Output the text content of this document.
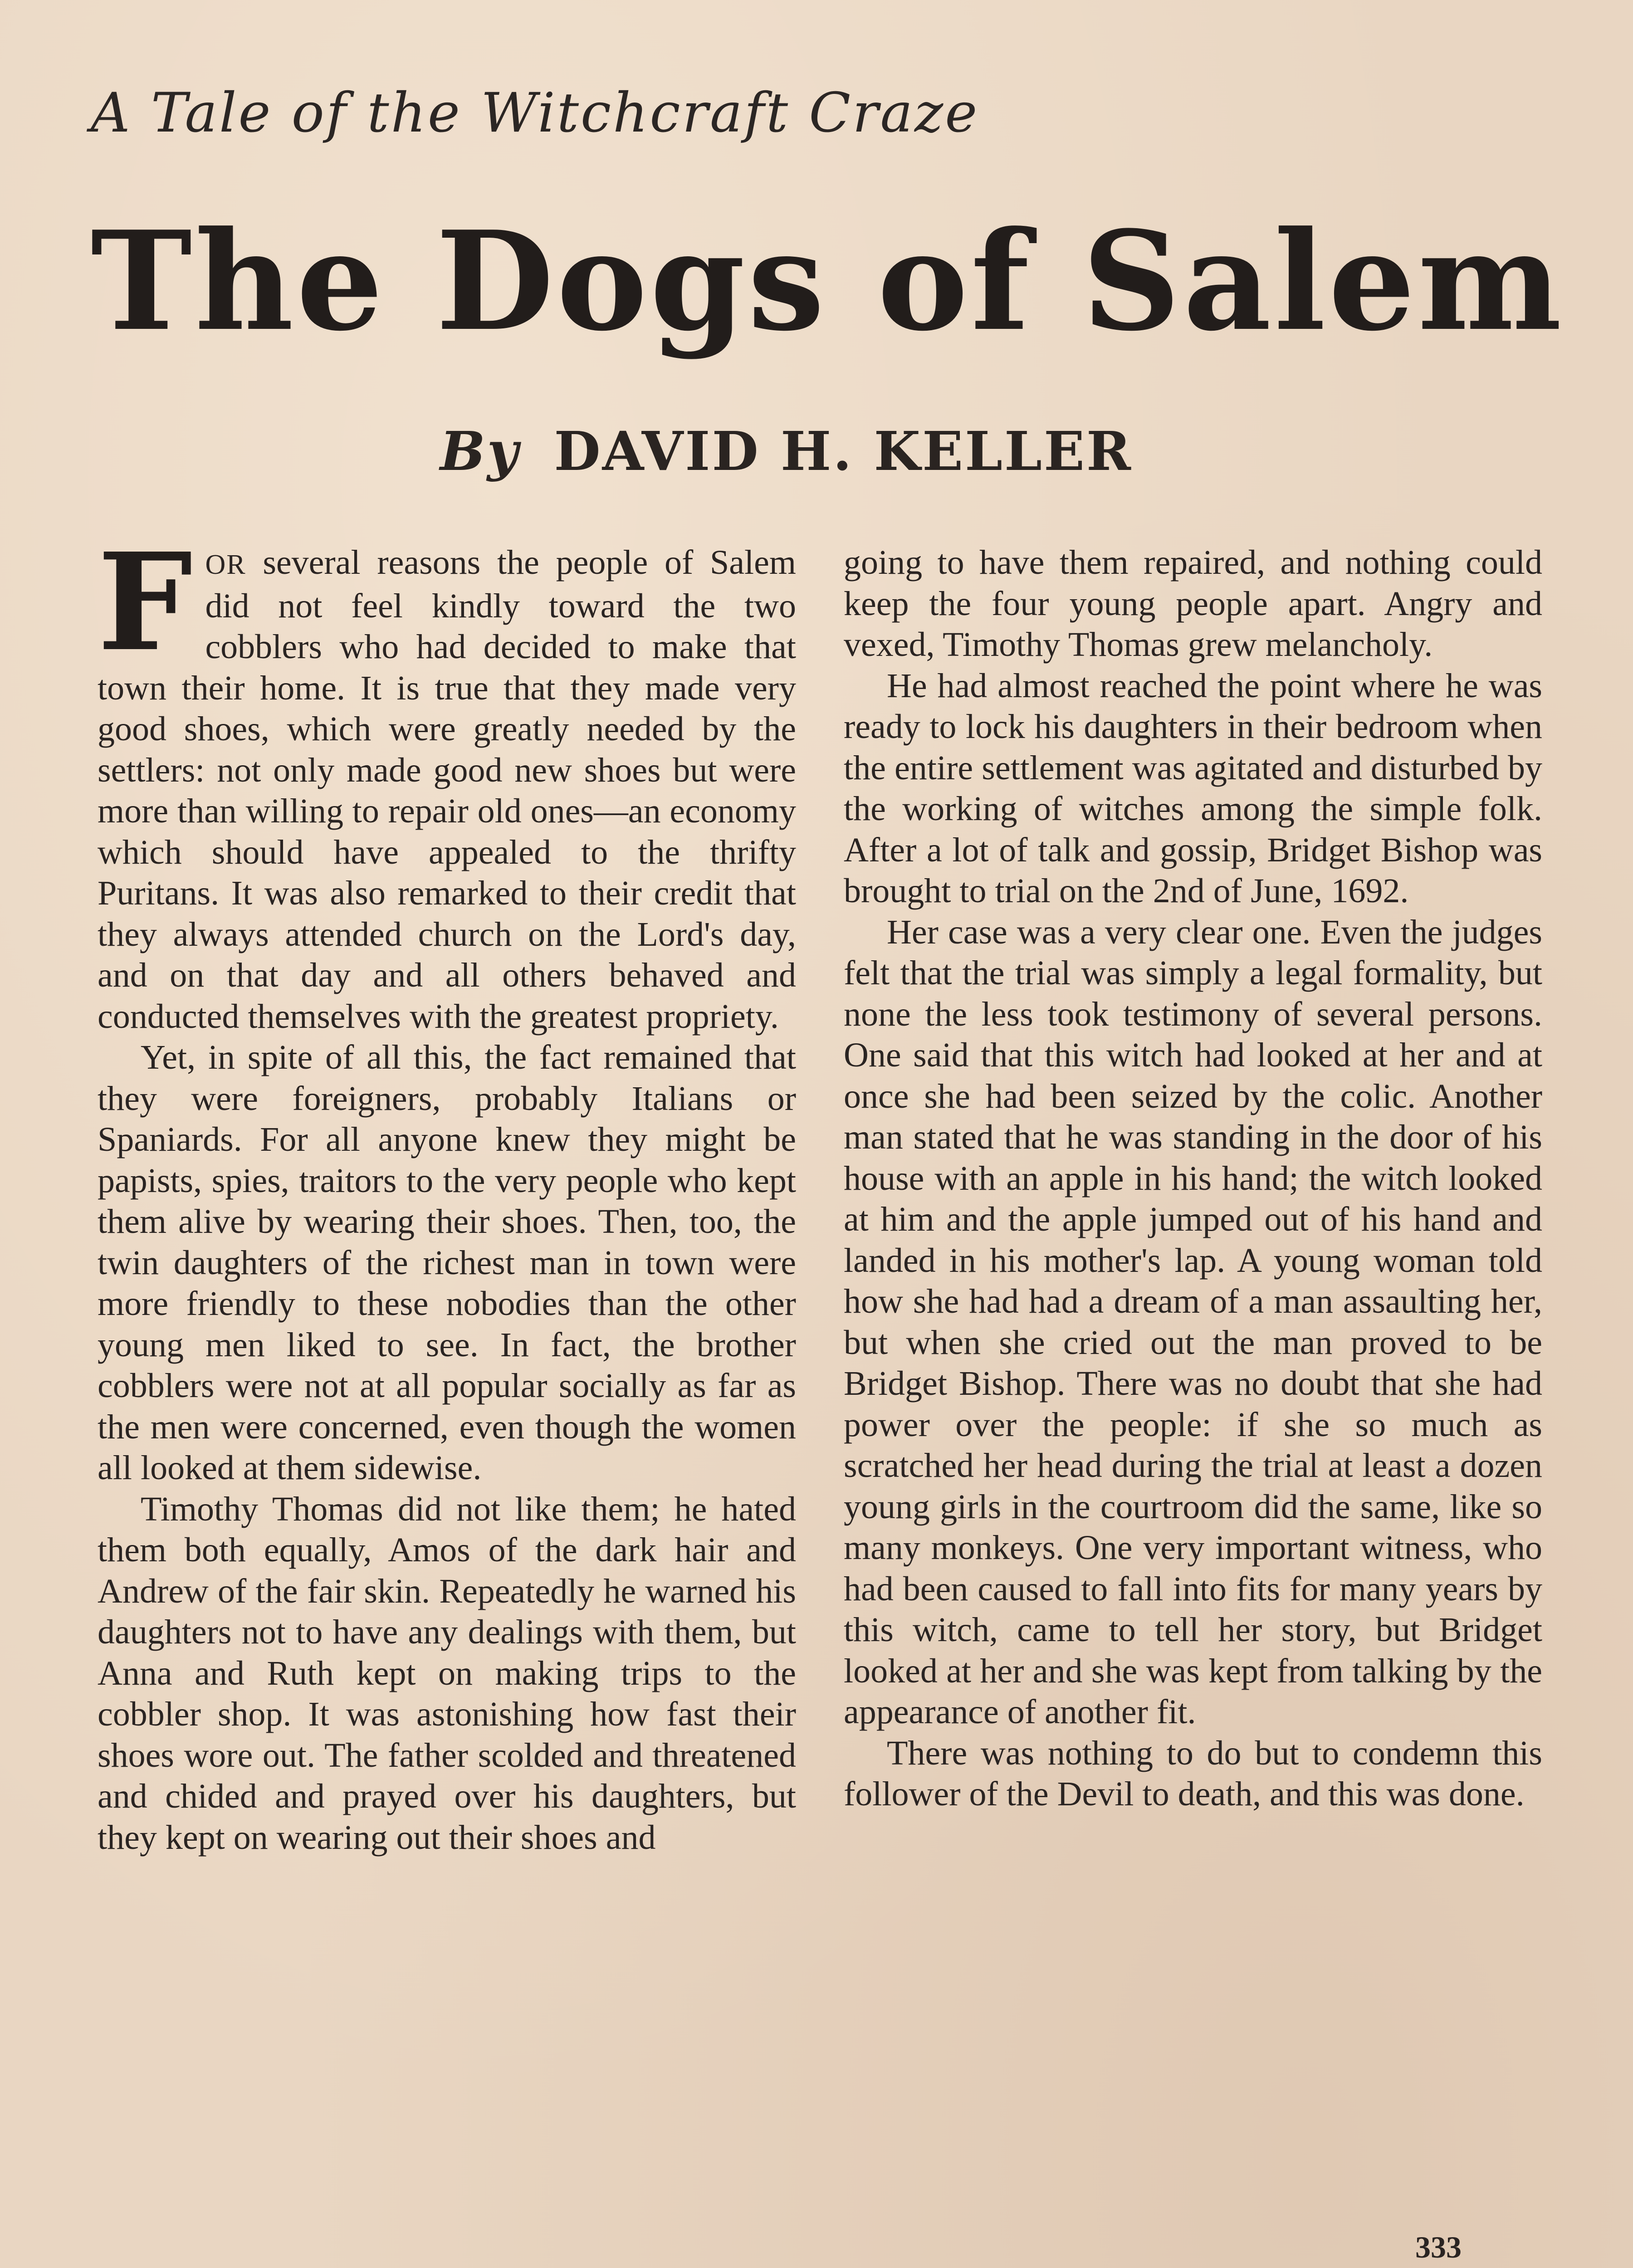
A Tale of the Witchcraft Craze
The Dogs of Salem
By DAVID H. KELLER

FOR several reasons the people of Salem did not feel kindly toward the two cobblers who had decided to make that town their home. It is true that they made very good shoes, which were greatly needed by the settlers: not only made good new shoes but were more than willing to repair old ones—an economy which should have appealed to the thrifty Puritans. It was also remarked to their credit that they always attended church on the Lord's day, and on that day and all others behaved and conducted themselves with the greatest propriety.

Yet, in spite of all this, the fact remained that they were foreigners, probably Italians or Spaniards. For all anyone knew they might be papists, spies, traitors to the very people who kept them alive by wearing their shoes. Then, too, the twin daughters of the richest man in town were more friendly to these nobodies than the other young men liked to see. In fact, the brother cobblers were not at all popular socially as far as the men were concerned, even though the women all looked at them sidewise.

Timothy Thomas did not like them; he hated them both equally, Amos of the dark hair and Andrew of the fair skin. Repeatedly he warned his daughters not to have any dealings with them, but Anna and Ruth kept on making trips to the cobbler shop. It was astonishing how fast their shoes wore out. The father scolded and threatened and chided and prayed over his daughters, but they kept on wearing out their shoes and

going to have them repaired, and nothing could keep the four young people apart. Angry and vexed, Timothy Thomas grew melancholy.

He had almost reached the point where he was ready to lock his daughters in their bedroom when the entire settlement was agitated and disturbed by the working of witches among the simple folk. After a lot of talk and gossip, Bridget Bishop was brought to trial on the 2nd of June, 1692.

Her case was a very clear one. Even the judges felt that the trial was simply a legal formality, but none the less took testimony of several persons. One said that this witch had looked at her and at once she had been seized by the colic. Another man stated that he was standing in the door of his house with an apple in his hand; the witch looked at him and the apple jumped out of his hand and landed in his mother's lap. A young woman told how she had had a dream of a man assaulting her, but when she cried out the man proved to be Bridget Bishop. There was no doubt that she had power over the people: if she so much as scratched her head during the trial at least a dozen young girls in the courtroom did the same, like so many monkeys. One very important witness, who had been caused to fall into fits for many years by this witch, came to tell her story, but Bridget looked at her and she was kept from talking by the appearance of another fit.

There was nothing to do but to condemn this follower of the Devil to death, and this was done.

333
